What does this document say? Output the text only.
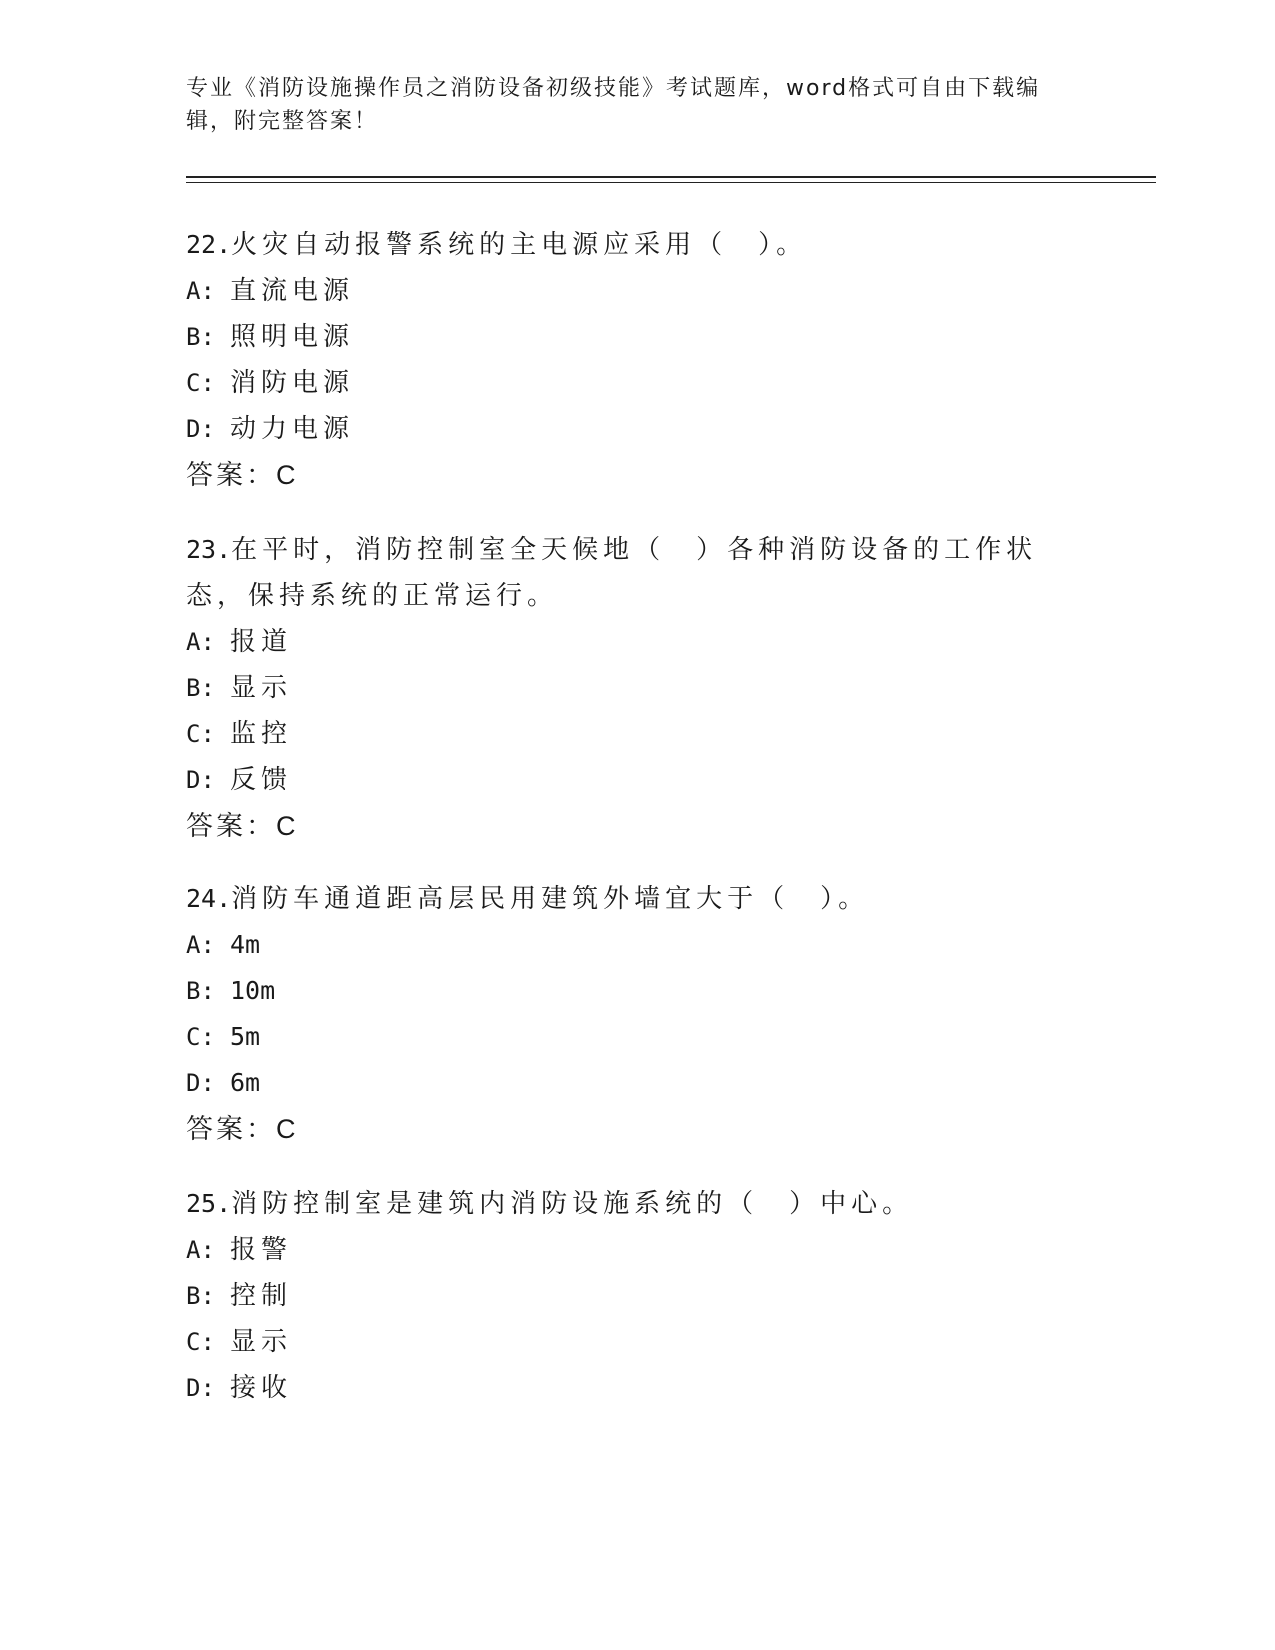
专业《消防设施操作员之消防设备初级技能》考试题库，word格式可自由下载编辑，附完整答案！

22.火灾自动报警系统的主电源应采用（　）。

A: 直流电源
B: 照明电源
C: 消防电源
D: 动力电源
答案：C

23.在平时，消防控制室全天候地（　）各种消防设备的工作状态，保持系统的正常运行。

A: 报道
B: 显示
C: 监控
D: 反馈
答案：C

24.消防车通道距高层民用建筑外墙宜大于（　）。

A: 4m
B: 10m
C: 5m
D: 6m
答案：C

25.消防控制室是建筑内消防设施系统的（　）中心。

A: 报警
B: 控制
C: 显示
D: 接收
